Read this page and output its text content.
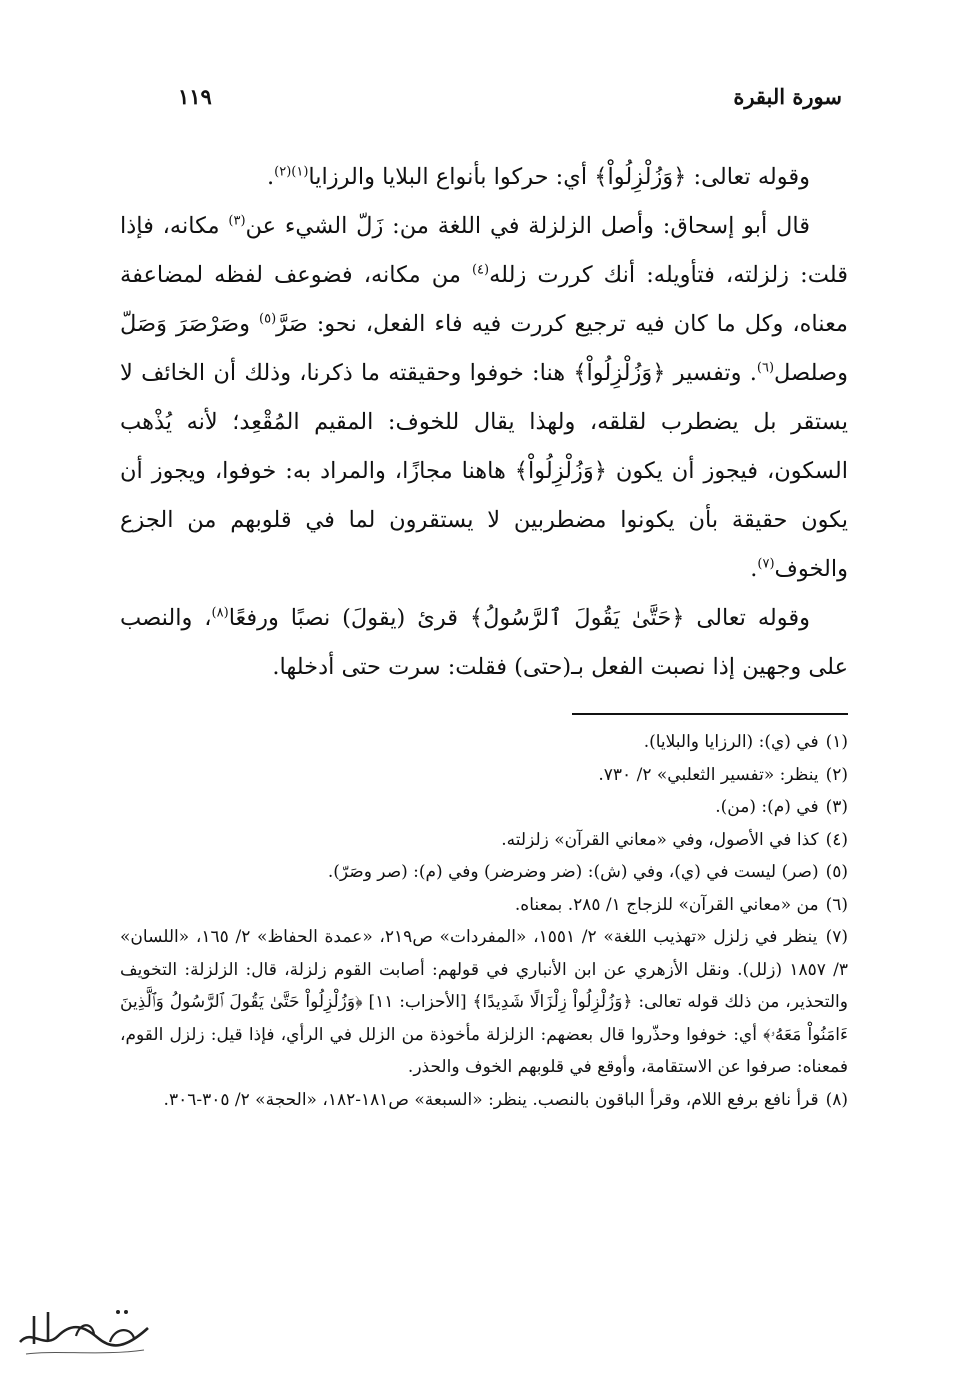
سورة البقرة
١١٩

وقوله تعالى: ﴿وَزُلْزِلُواْ﴾ أي: حركوا بأنواع البلايا والرزايا$^{(١)(٢)}$.

قال أبو إسحاق: وأصل الزلزلة في اللغة من: زَلّ الشيء عن$^{(٣)}$ مكانه، فإذا قلت: زلزلته، فتأويله: أنك كررت زلله$^{(٤)}$ من مكانه، فضوعف لفظه لمضاعفة معناه، وكل ما كان فيه ترجيع كررت فيه فاء الفعل، نحو: صَرَّ$^{(٥)}$ وصَرْصَرَ وَصَلّ وصلصل$^{(٦)}$. وتفسير ﴿وَزُلْزِلُواْ﴾ هنا: خوفوا وحقيقته ما ذكرنا، وذلك أن الخائف لا يستقر بل يضطرب لقلقه، ولهذا يقال للخوف: المقيم المُقْعِد؛ لأنه يُذْهب السكون، فيجوز أن يكون ﴿وَزُلْزِلُواْ﴾ هاهنا مجازًا، والمراد به: خوفوا، ويجوز أن يكون حقيقة بأن يكونوا مضطربين لا يستقرون لما في قلوبهم من الجزع والخوف$^{(٧)}$.

وقوله تعالى ﴿حَتَّىٰ يَقُولَ ٱلرَّسُولُ﴾ قرئ (يقولَ) نصبًا ورفعًا$^{(٨)}$، والنصب على وجهين إذا نصبت الفعل بـ(حتى) فقلت: سرت حتى أدخلها.

(١) في (ي): (الرزايا والبلايا).

(٢) ينظر: «تفسير الثعلبي» ٢/ ٧٣٠.

(٣) في (م): (من).

(٤) كذا في الأصول، وفي «معاني القرآن» زلزلته.

(٥) (صر) ليست في (ي)، وفي (ش): (ضر وضرضر) وفي (م): (صر وصَرّ).

(٦) من «معاني القرآن» للزجاج ١/ ٢٨٥. بمعناه.

(٧) ينظر في زلزل «تهذيب اللغة» ٢/ ١٥٥١، «المفردات» ص٢١٩، «عمدة الحفاظ» ٢/ ١٦٥، «اللسان» ٣/ ١٨٥٧ (زلل). ونقل الأزهري عن ابن الأنباري في قولهم: أصابت القوم زلزلة، قال: الزلزلة: التخويف والتحذير، من ذلك قوله تعالى: ﴿وَزُلْزِلُواْ زِلْزَالًا شَدِيدًا﴾ [الأحزاب: ١١] ﴿وَزُلْزِلُواْ حَتَّىٰ يَقُولَ ٱلرَّسُولُ وَٱلَّذِينَ ءَامَنُواْ مَعَهُۥ﴾ أي: خوفوا وحذّروا قال بعضهم: الزلزلة مأخوذة من الزلل في الرأي، فإذا قيل: زلزل القوم، فمعناه: صرفوا عن الاستقامة، وأوقع في قلوبهم الخوف والحذر.

(٨) قرأ نافع برفع اللام، وقرأ الباقون بالنصب. ينظر: «السبعة» ص١٨١-١٨٢، «الحجة» ٢/ ٣٠٥-٣٠٦.
